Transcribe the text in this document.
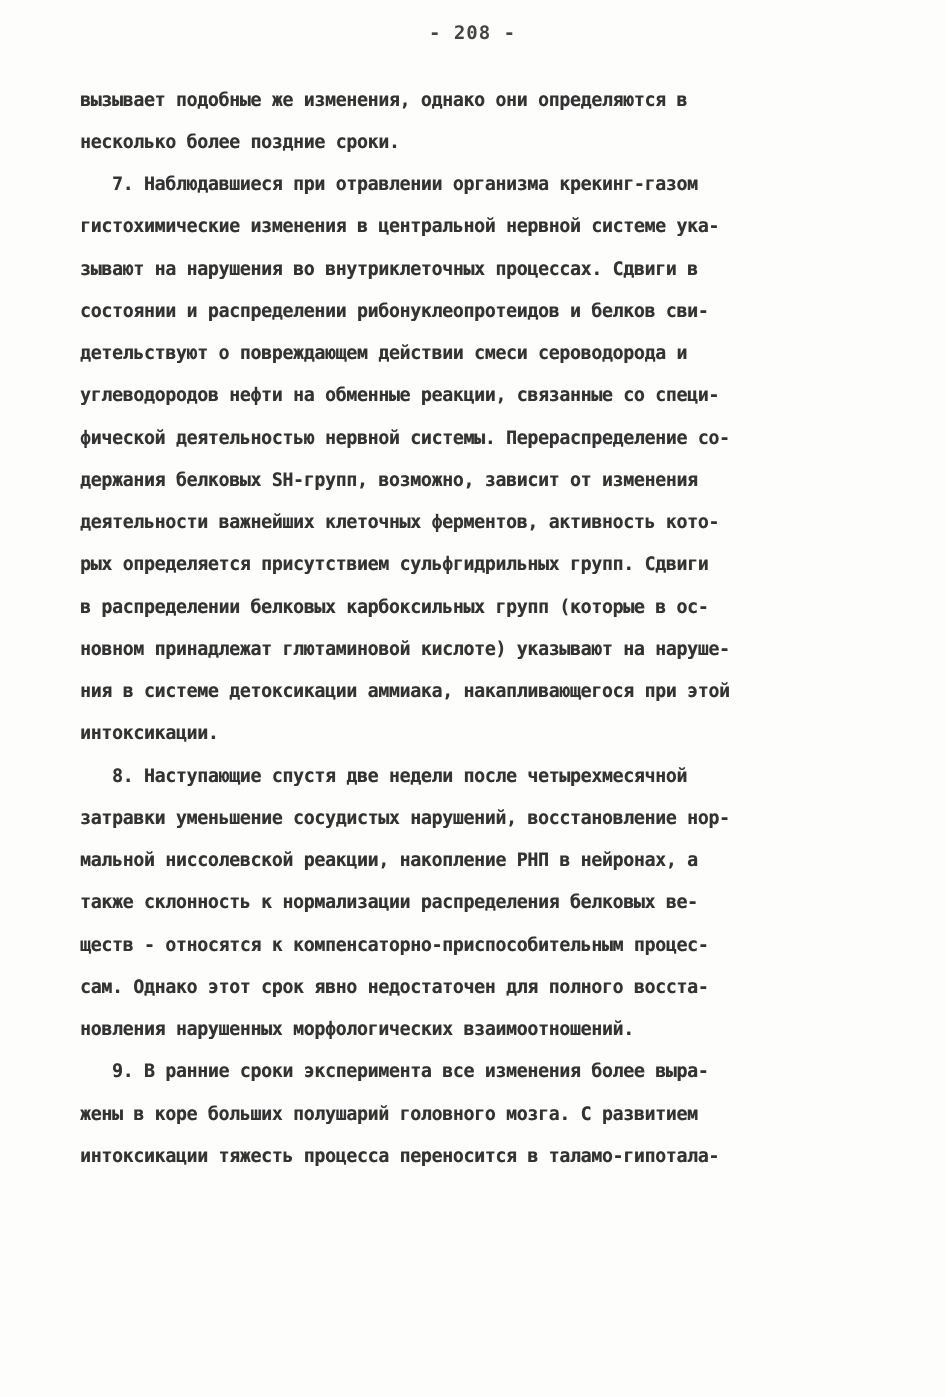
- 208 -
вызывает подобные же изменения, однако они определяются в
несколько более поздние сроки.
7. Наблюдавшиеся при отравлении организма крекинг-газом
гистохимические изменения в центральной нервной системе ука-
зывают на нарушения во внутриклеточных процессах. Сдвиги в
состоянии и распределении рибонуклеопротеидов и белков сви-
детельствуют о повреждающем действии смеси сероводорода и
углеводородов нефти на обменные реакции, связанные со специ-
фической деятельностью нервной системы. Перераспределение со-
держания белковых SH-групп, возможно, зависит от изменения
деятельности важнейших клеточных ферментов, активность кото-
рых определяется присутствием сульфгидрильных групп. Сдвиги
в распределении белковых карбоксильных групп (которые в ос-
новном принадлежат глютаминовой кислоте) указывают на наруше-
ния в системе детоксикации аммиака, накапливающегося при этой
интоксикации.
8. Наступающие спустя две недели после четырехмесячной
затравки уменьшение сосудистых нарушений, восстановление нор-
мальной ниссолевской реакции, накопление РНП в нейронах, а
также склонность к нормализации распределения белковых ве-
ществ - относятся к компенсаторно-приспособительным процес-
сам. Однако этот срок явно недостаточен для полного восста-
новления нарушенных морфологических взаимоотношений.
9. В ранние сроки эксперимента все изменения более выра-
жены в коре больших полушарий головного мозга. С развитием
интоксикации тяжесть процесса переносится в таламо-гипотала-
